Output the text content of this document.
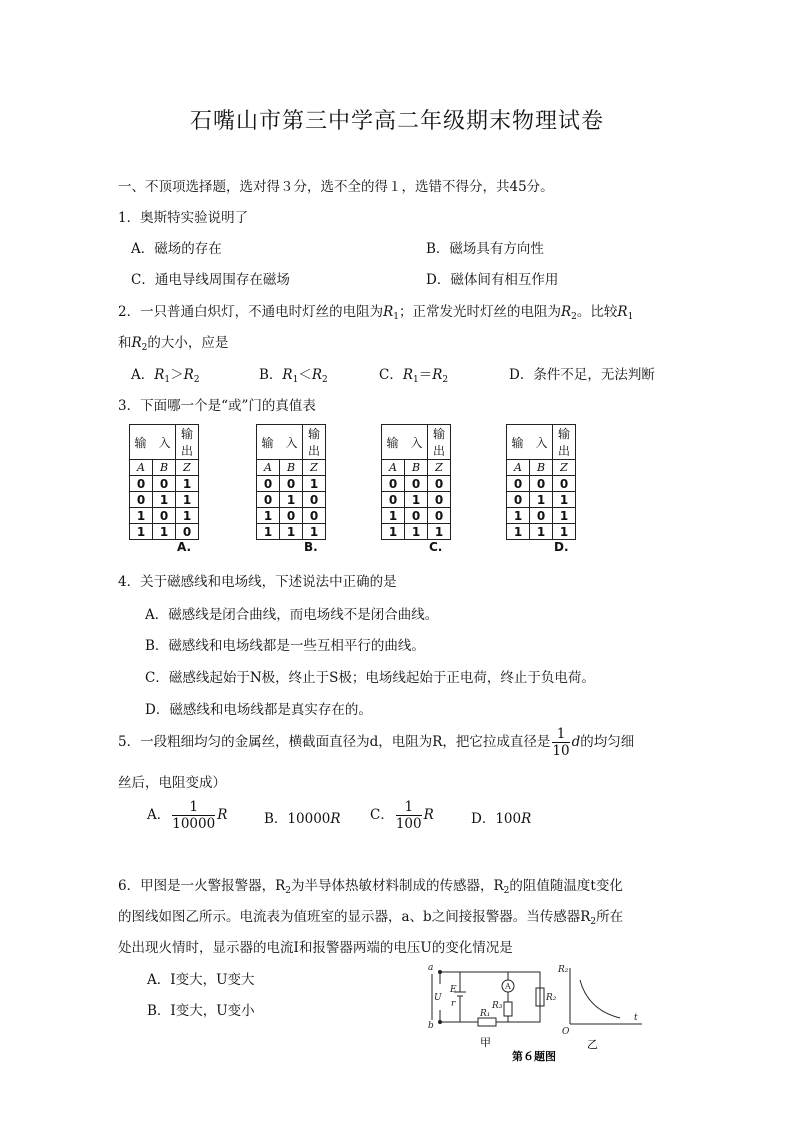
石嘴山市第三中学高二年级期末物理试卷
一、不顶项选择题，选对得３分，选不全的得１，选错不得分，共45分。
1．奥斯特实验说明了
A．磁场的存在	B．磁场具有方向性
C．通电导线周围存在磁场	D．磁体间有相互作用
2．一只普通白炽灯，不通电时灯丝的电阻为$R_1$；正常发光时灯丝的电阻为$R_2$。比较$R_1$
和$R_2$的大小，应是
A．$R_1>R_2$	B．$R_1<R_2$	C．$R_1=R_2$	D．条件不足，无法判断
3．下面哪一个是“或”门的真值表
输　入		输出
A	B	Z
0	0	1
0	1	1
1	0	1
1	1	0
A.
输　入		输出
A	B	Z
0	0	1
0	1	0
1	0	0
1	1	1
B.
输　入		输出
A	B	Z
0	0	0
0	1	0
1	0	0
1	1	1
C.
输　入		输出
A	B	Z
0	0	0
0	1	1
1	0	1
1	1	1
D.
4．关于磁感线和电场线，下述说法中正确的是
A．磁感线是闭合曲线，而电场线不是闭合曲线。
B．磁感线和电场线都是一些互相平行的曲线。
C．磁感线起始于N极，终止于S极；电场线起始于正电荷，终止于负电荷。
D．磁感线和电场线都是真实存在的。
5．一段粗细均匀的金属丝，横截面直径为d，电阻为R，把它拉成直径是 $\frac{1}{10}$ d的均匀细
丝后，电阻变成）
A． $\frac{1}{10000}$ R	B．10000R C． $\frac{1}{100}$ R	D．100R
6．甲图是一火警报警器，$R_2$为半导体热敏材料制成的传感器，$R_2$的阻值随温度t变化
的图线如图乙所示。电流表为值班室的显示器，a、b之间接报警器。当传感器$R_2$所在
处出现火情时，显示器的电流I和报警器两端的电压U的变化情况是
A．I变大，U变大
B．I变大，U变小
a
b
U
E
r
A
R₃
R₁
R₂
R₂
O
t
甲	乙
第６题图
